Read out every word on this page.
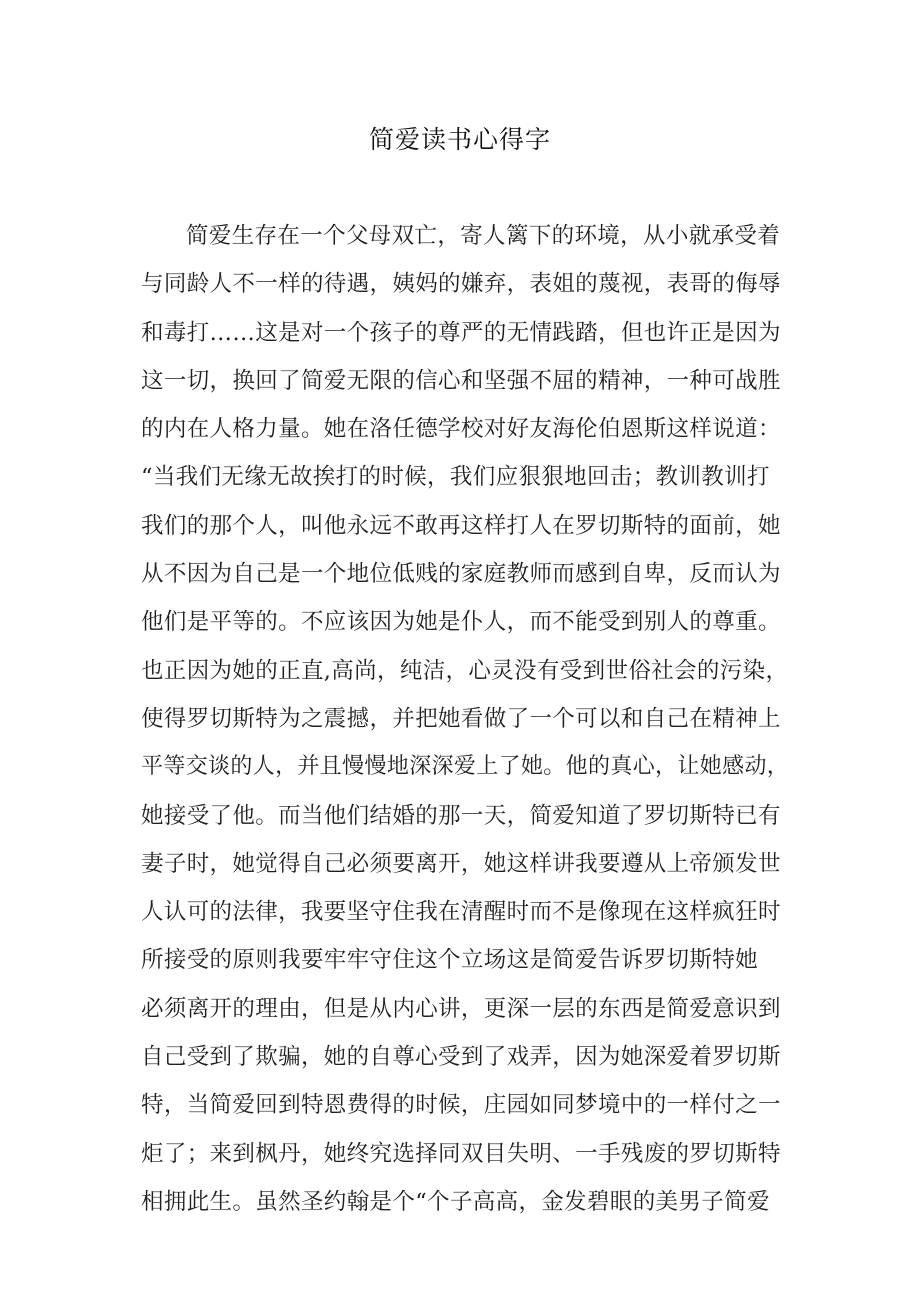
简爱读书心得字
简爱生存在一个父母双亡，寄人篱下的环境，从小就承受着
与同龄人不一样的待遇，姨妈的嫌弃，表姐的蔑视，表哥的侮辱
和毒打……这是对一个孩子的尊严的无情践踏，但也许正是因为
这一切，换回了简爱无限的信心和坚强不屈的精神，一种可战胜
的内在人格力量。她在洛任德学校对好友海伦伯恩斯这样说道：
“当我们无缘无故挨打的时候，我们应狠狠地回击；教训教训打
我们的那个人，叫他永远不敢再这样打人在罗切斯特的面前，她
从不因为自己是一个地位低贱的家庭教师而感到自卑，反而认为
他们是平等的。不应该因为她是仆人，而不能受到别人的尊重。
也正因为她的正直,高尚，纯洁，心灵没有受到世俗社会的污染，
使得罗切斯特为之震撼，并把她看做了一个可以和自己在精神上
平等交谈的人，并且慢慢地深深爱上了她。他的真心，让她感动，
她接受了他。而当他们结婚的那一天，简爱知道了罗切斯特已有
妻子时，她觉得自己必须要离开，她这样讲我要遵从上帝颁发世
人认可的法律，我要坚守住我在清醒时而不是像现在这样疯狂时
所接受的原则我要牢牢守住这个立场这是简爱告诉罗切斯特她
必须离开的理由，但是从内心讲，更深一层的东西是简爱意识到
自己受到了欺骗，她的自尊心受到了戏弄，因为她深爱着罗切斯
特，当简爱回到特恩费得的时候，庄园如同梦境中的一样付之一
炬了；来到枫丹，她终究选择同双目失明、一手残废的罗切斯特
相拥此生。虽然圣约翰是个“个子高高，金发碧眼的美男子简爱
